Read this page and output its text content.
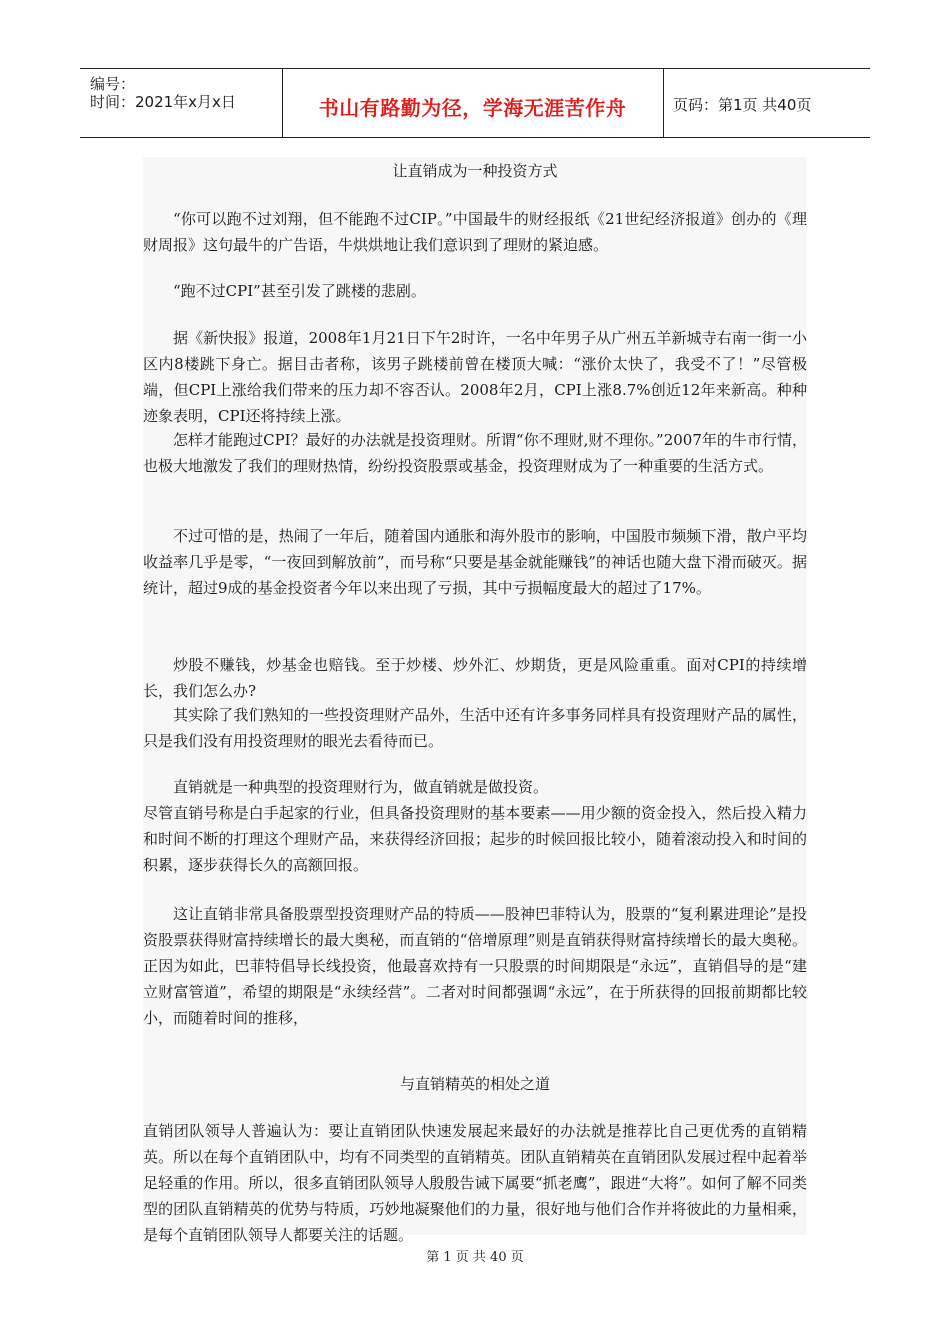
编号：
时间：2021年x月x日	书山有路勤为径，学海无涯苦作舟	页码：第1页 共40页
让直销成为一种投资方式

“你可以跑不过刘翔，但不能跑不过CIP。”中国最牛的财经报纸《21世纪经济报道》创办的《理财周报》这句最牛的广告语，牛烘烘地让我们意识到了理财的紧迫感。

“跑不过CPI”甚至引发了跳楼的悲剧。

据《新快报》报道，2008年1月21日下午2时许，一名中年男子从广州五羊新城寺右南一街一小区内8楼跳下身亡。据目击者称，该男子跳楼前曾在楼顶大喊：“涨价太快了，我受不了！”尽管极端，但CPI上涨给我们带来的压力却不容否认。2008年2月，CPI上涨8.7%创近12年来新高。种种迹象表明，CPI还将持续上涨。

怎样才能跑过CPI？最好的办法就是投资理财。所谓“你不理财,财不理你。”2007年的牛市行情，也极大地激发了我们的理财热情，纷纷投资股票或基金，投资理财成为了一种重要的生活方式。

不过可惜的是，热闹了一年后，随着国内通胀和海外股市的影响，中国股市频频下滑，散户平均收益率几乎是零，“一夜回到解放前”，而号称“只要是基金就能赚钱”的神话也随大盘下滑而破灭。据统计，超过9成的基金投资者今年以来出现了亏损，其中亏损幅度最大的超过了17%。

炒股不赚钱，炒基金也赔钱。至于炒楼、炒外汇、炒期货，更是风险重重。面对CPI的持续增长，我们怎么办?

其实除了我们熟知的一些投资理财产品外，生活中还有许多事务同样具有投资理财产品的属性，只是我们没有用投资理财的眼光去看待而已。

直销就是一种典型的投资理财行为，做直销就是做投资。

尽管直销号称是白手起家的行业，但具备投资理财的基本要素——用少额的资金投入，然后投入精力和时间不断的打理这个理财产品，来获得经济回报；起步的时候回报比较小，随着滚动投入和时间的积累，逐步获得长久的高额回报。

这让直销非常具备股票型投资理财产品的特质——股神巴菲特认为，股票的“复利累进理论”是投资股票获得财富持续增长的最大奥秘，而直销的“倍增原理”则是直销获得财富持续增长的最大奥秘。正因为如此，巴菲特倡导长线投资，他最喜欢持有一只股票的时间期限是“永远”，直销倡导的是“建立财富管道”，希望的期限是“永续经营”。二者对时间都强调“永远”，在于所获得的回报前期都比较小，而随着时间的推移，

与直销精英的相处之道

直销团队领导人普遍认为：要让直销团队快速发展起来最好的办法就是推荐比自己更优秀的直销精英。所以在每个直销团队中，均有不同类型的直销精英。团队直销精英在直销团队发展过程中起着举足轻重的作用。所以，很多直销团队领导人殷殷告诫下属要“抓老鹰”，跟进“大将”。如何了解不同类型的团队直销精英的优势与特质，巧妙地凝聚他们的力量，很好地与他们合作并将彼此的力量相乘，是每个直销团队领导人都要关注的话题。

第 1 页 共 40 页
